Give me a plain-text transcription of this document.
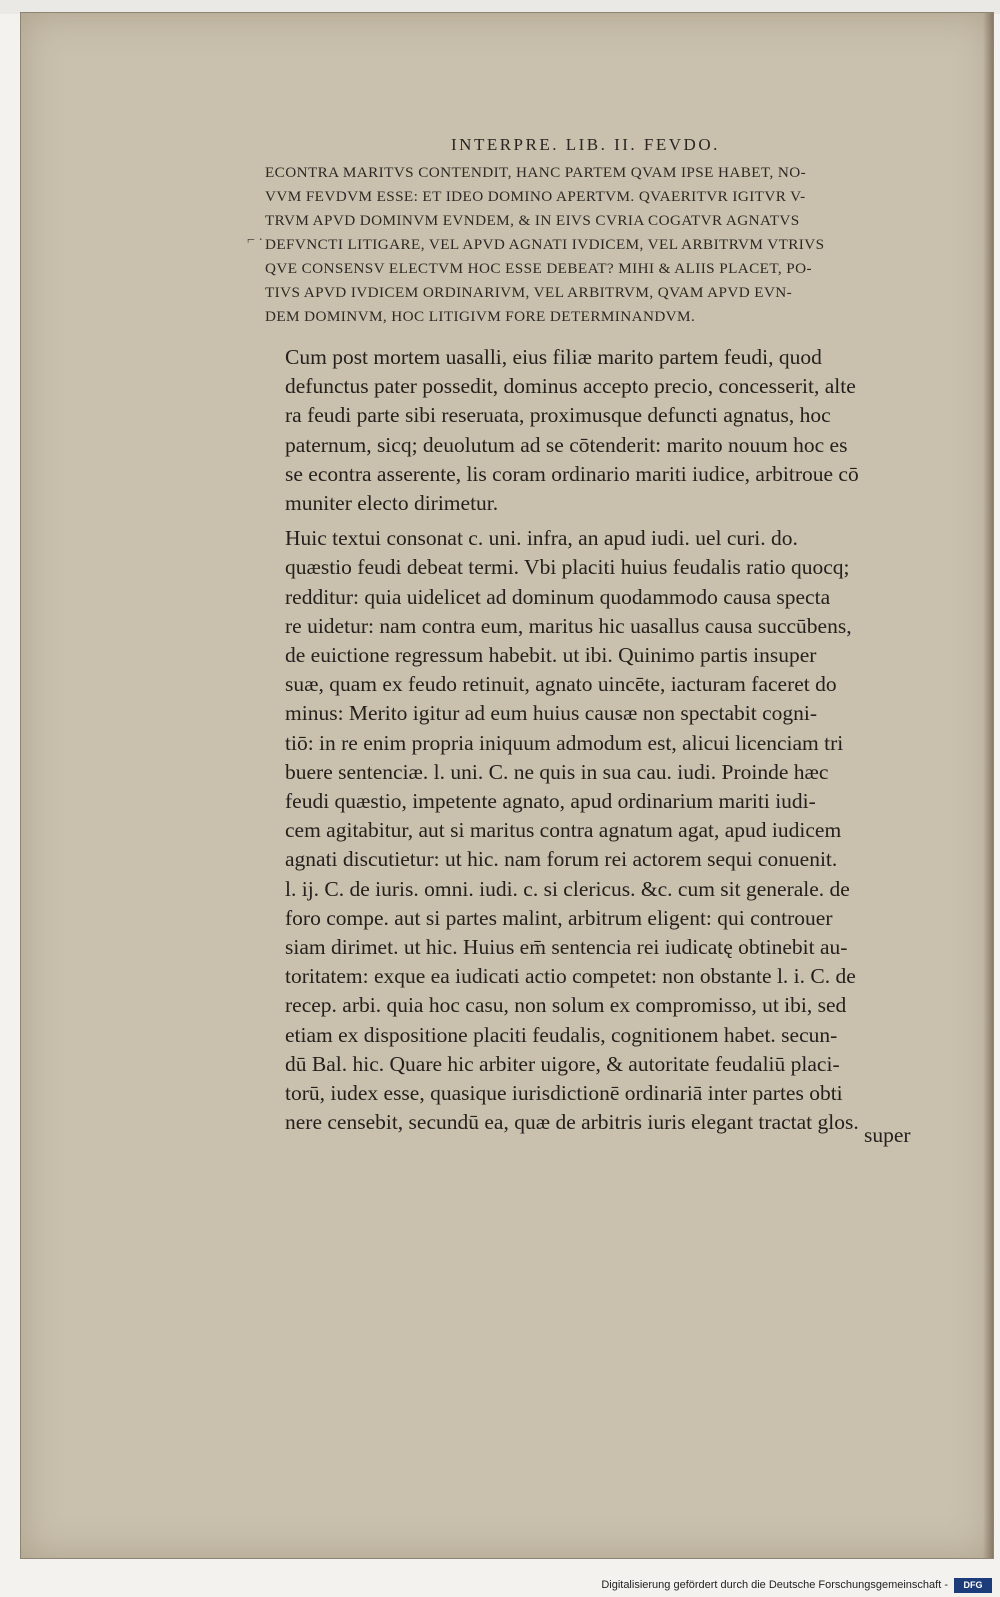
INTERPRE. LIB. II. FEVDO.
ECONTRA MARITVS CONTENDIT, HANC PARTEM QVAM IPSE HABET, NO-
VVM FEVDVM ESSE: ET IDEO DOMINO APERTVM. QVAERITVR IGITVR V-
TRVM APVD DOMINVM EVNDEM, & IN EIVS CVRIA COGATVR AGNATVS
DEFVNCTI LITIGARE, VEL APVD AGNATI IVDICEM, VEL ARBITRVM VTRIVS
QVE CONSENSV ELECTVM HOC ESSE DEBEAT? MIHI & ALIIS PLACET, PO-
TIVS APVD IVDICEM ORDINARIVM, VEL ARBITRVM, QVAM APVD EVN-
DEM DOMINVM, HOC LITIGIVM FORE DETERMINANDVM.
⌐ ·
Cum post mortem uasalli, eius filiæ marito partem feudi, quod
defunctus pater possedit, dominus accepto precio, concesserit, alte
ra feudi parte sibi reseruata, proximusque defuncti agnatus, hoc
paternum, sicq; deuolutum ad se cōtenderit: marito nouum hoc es
se econtra asserente, lis coram ordinario mariti iudice, arbitroue cō
muniter electo dirimetur.
Huic textui consonat c. uni. infra, an apud iudi. uel curi. do.
quæstio feudi debeat termi. Vbi placiti huius feudalis ratio quocq;
redditur: quia uidelicet ad dominum quodammodo causa specta
re uidetur: nam contra eum, maritus hic uasallus causa succūbens,
de euictione regressum habebit. ut ibi. Quinimo partis insuper
suæ, quam ex feudo retinuit, agnato uincēte, iacturam faceret do
minus: Merito igitur ad eum huius causæ non spectabit cogni-
tiō: in re enim propria iniquum admodum est, alicui licenciam tri
buere sentenciæ. l. uni. C. ne quis in sua cau. iudi. Proinde hæc
feudi quæstio, impetente agnato, apud ordinarium mariti iudi-
cem agitabitur, aut si maritus contra agnatum agat, apud iudicem
agnati discutietur: ut hic. nam forum rei actorem sequi conuenit.
l. ij. C. de iuris. omni. iudi. c. si clericus. &c. cum sit generale. de
foro compe. aut si partes malint, arbitrum eligent: qui controuer
siam dirimet. ut hic. Huius em̄ sentencia rei iudicatę obtinebit au-
toritatem: exque ea iudicati actio competet: non obstante l. i. C. de
recep. arbi. quia hoc casu, non solum ex compromisso, ut ibi, sed
etiam ex dispositione placiti feudalis, cognitionem habet. secun-
dū Bal. hic. Quare hic arbiter uigore, & autoritate feudaliū placi-
torū, iudex esse, quasique iurisdictionē ordinariā inter partes obti
nere censebit, secundū ea, quæ de arbitris iuris elegant tractat glos.
super
Digitalisierung gefördert durch die Deutsche Forschungsgemeinschaft -	DFG
